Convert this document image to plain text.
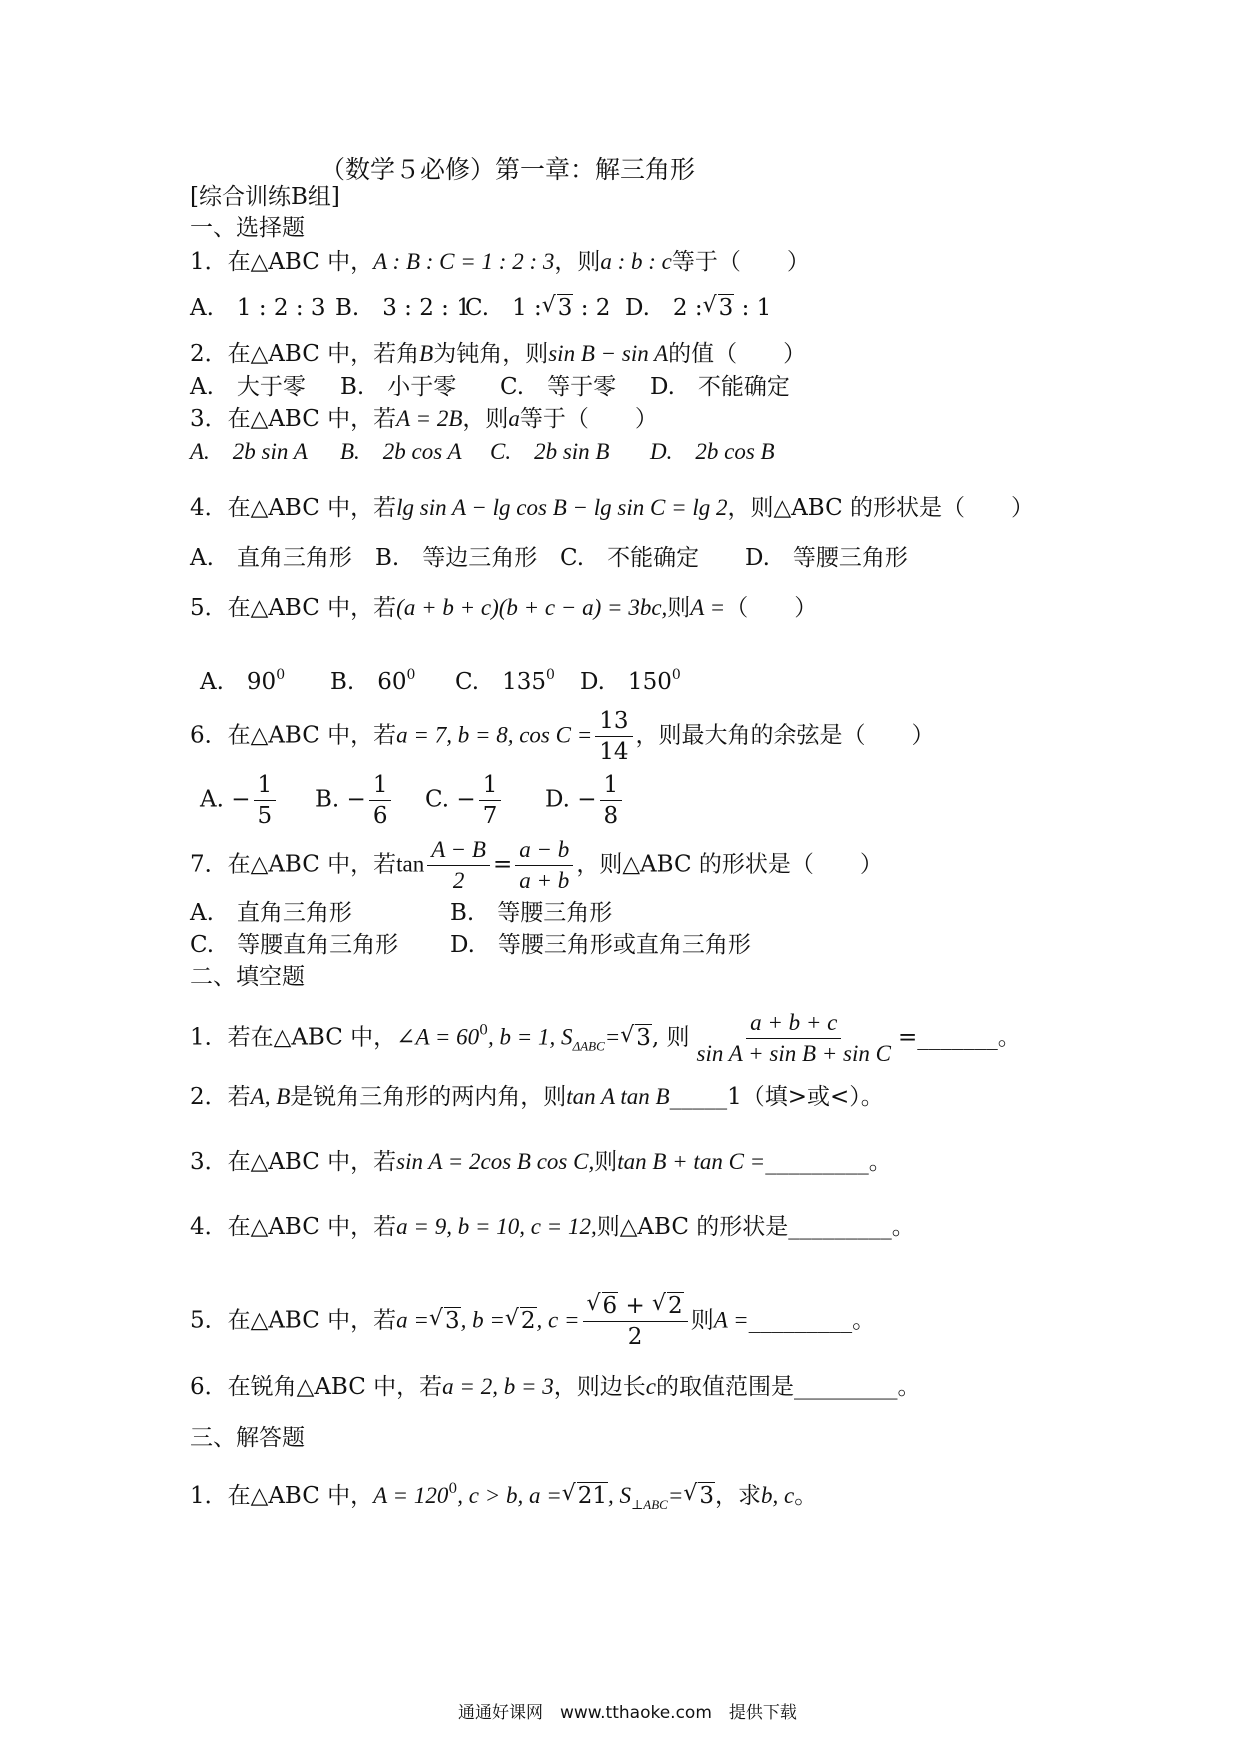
（数学５必修）第一章：解三角形
[综合训练B组]
一、选择题
1．在△ABC 中，A : B : C = 1 : 2 : 3，则a : b : c等于（　　）
A.　1 : 2 : 3 B.　3 : 2 : 1C.　1 :√ 3 : 2 D.　2 :√ 3 : 1
2．在△ABC 中，若角B为钝角，则sin B − sin A的值（　　）
A.　大于零 B.　小于零 C.　等于零 D.　不能确定
3．在△ABC 中，若A = 2B，则a等于（　　）
A.　2b sin A B.　2b cos A C.　2b sin B D.　2b cos B
4．在△ABC 中，若lg sin A − lg cos B − lg sin C = lg 2，则△ABC 的形状是（　　）
A.　直角三角形 B.　等边三角形 C.　不能确定 D.　等腰三角形
5．在△ABC 中，若(a + b + c)(b + c − a) = 3bc,则A =（　　）
A.　$90^0$ B.　$60^0$ C.　$135^0$ D.　$150^0$
6．在△ABC 中，若a = 7, b = 8, $\cos C = \frac{13}{14}$ ，则最大角的余弦是（　　）
A. − $\frac{1}{5} B$. − $\frac{1}{6} C$. − $\frac{1}{7} D$. − $\frac{1}{8}$
7．在△ABC 中，若$\tan \frac{A - B}{2} = \frac{a - b}{a + b}$ ，则△ABC 的形状是（　　）
A.　直角三角形	B.　等腰三角形
C.　等腰直角三角形 D.　等腰三角形或直角三角形
二、填空题
1．若在△ABC 中，∠A = $60^0$, b = 1, $S_{\Delta ABC}=√$ 3, 则 $\frac{a + b + c}{\text{sin A + sin B + sin C}}$ =_______。
2．若A, B是锐角三角形的两内角，则tan A tan B_____1（填>或<）。
3．在△ABC 中，若sin A = 2cos B cos C,则tan B + tan C =_________。
4．在△ABC 中，若a = 9, b = 10, c = 12,则△ABC 的形状是_________。
5．在△ABC 中，若a =√ 3, b =√ 2, c =
√ $\frac{6 + √ 2}{2}$ 则A =_________。
6．在锐角△ABC 中，若a = 2, b = 3，则边长c的取值范围是_________。
三、解答题
1．在△ABC 中，$A = 120^0$, c > b, a =√ 21, $S_{\perp ABC}=√$ 3，求b, c。
通通好课网　www.tthaoke.com　提供下载
